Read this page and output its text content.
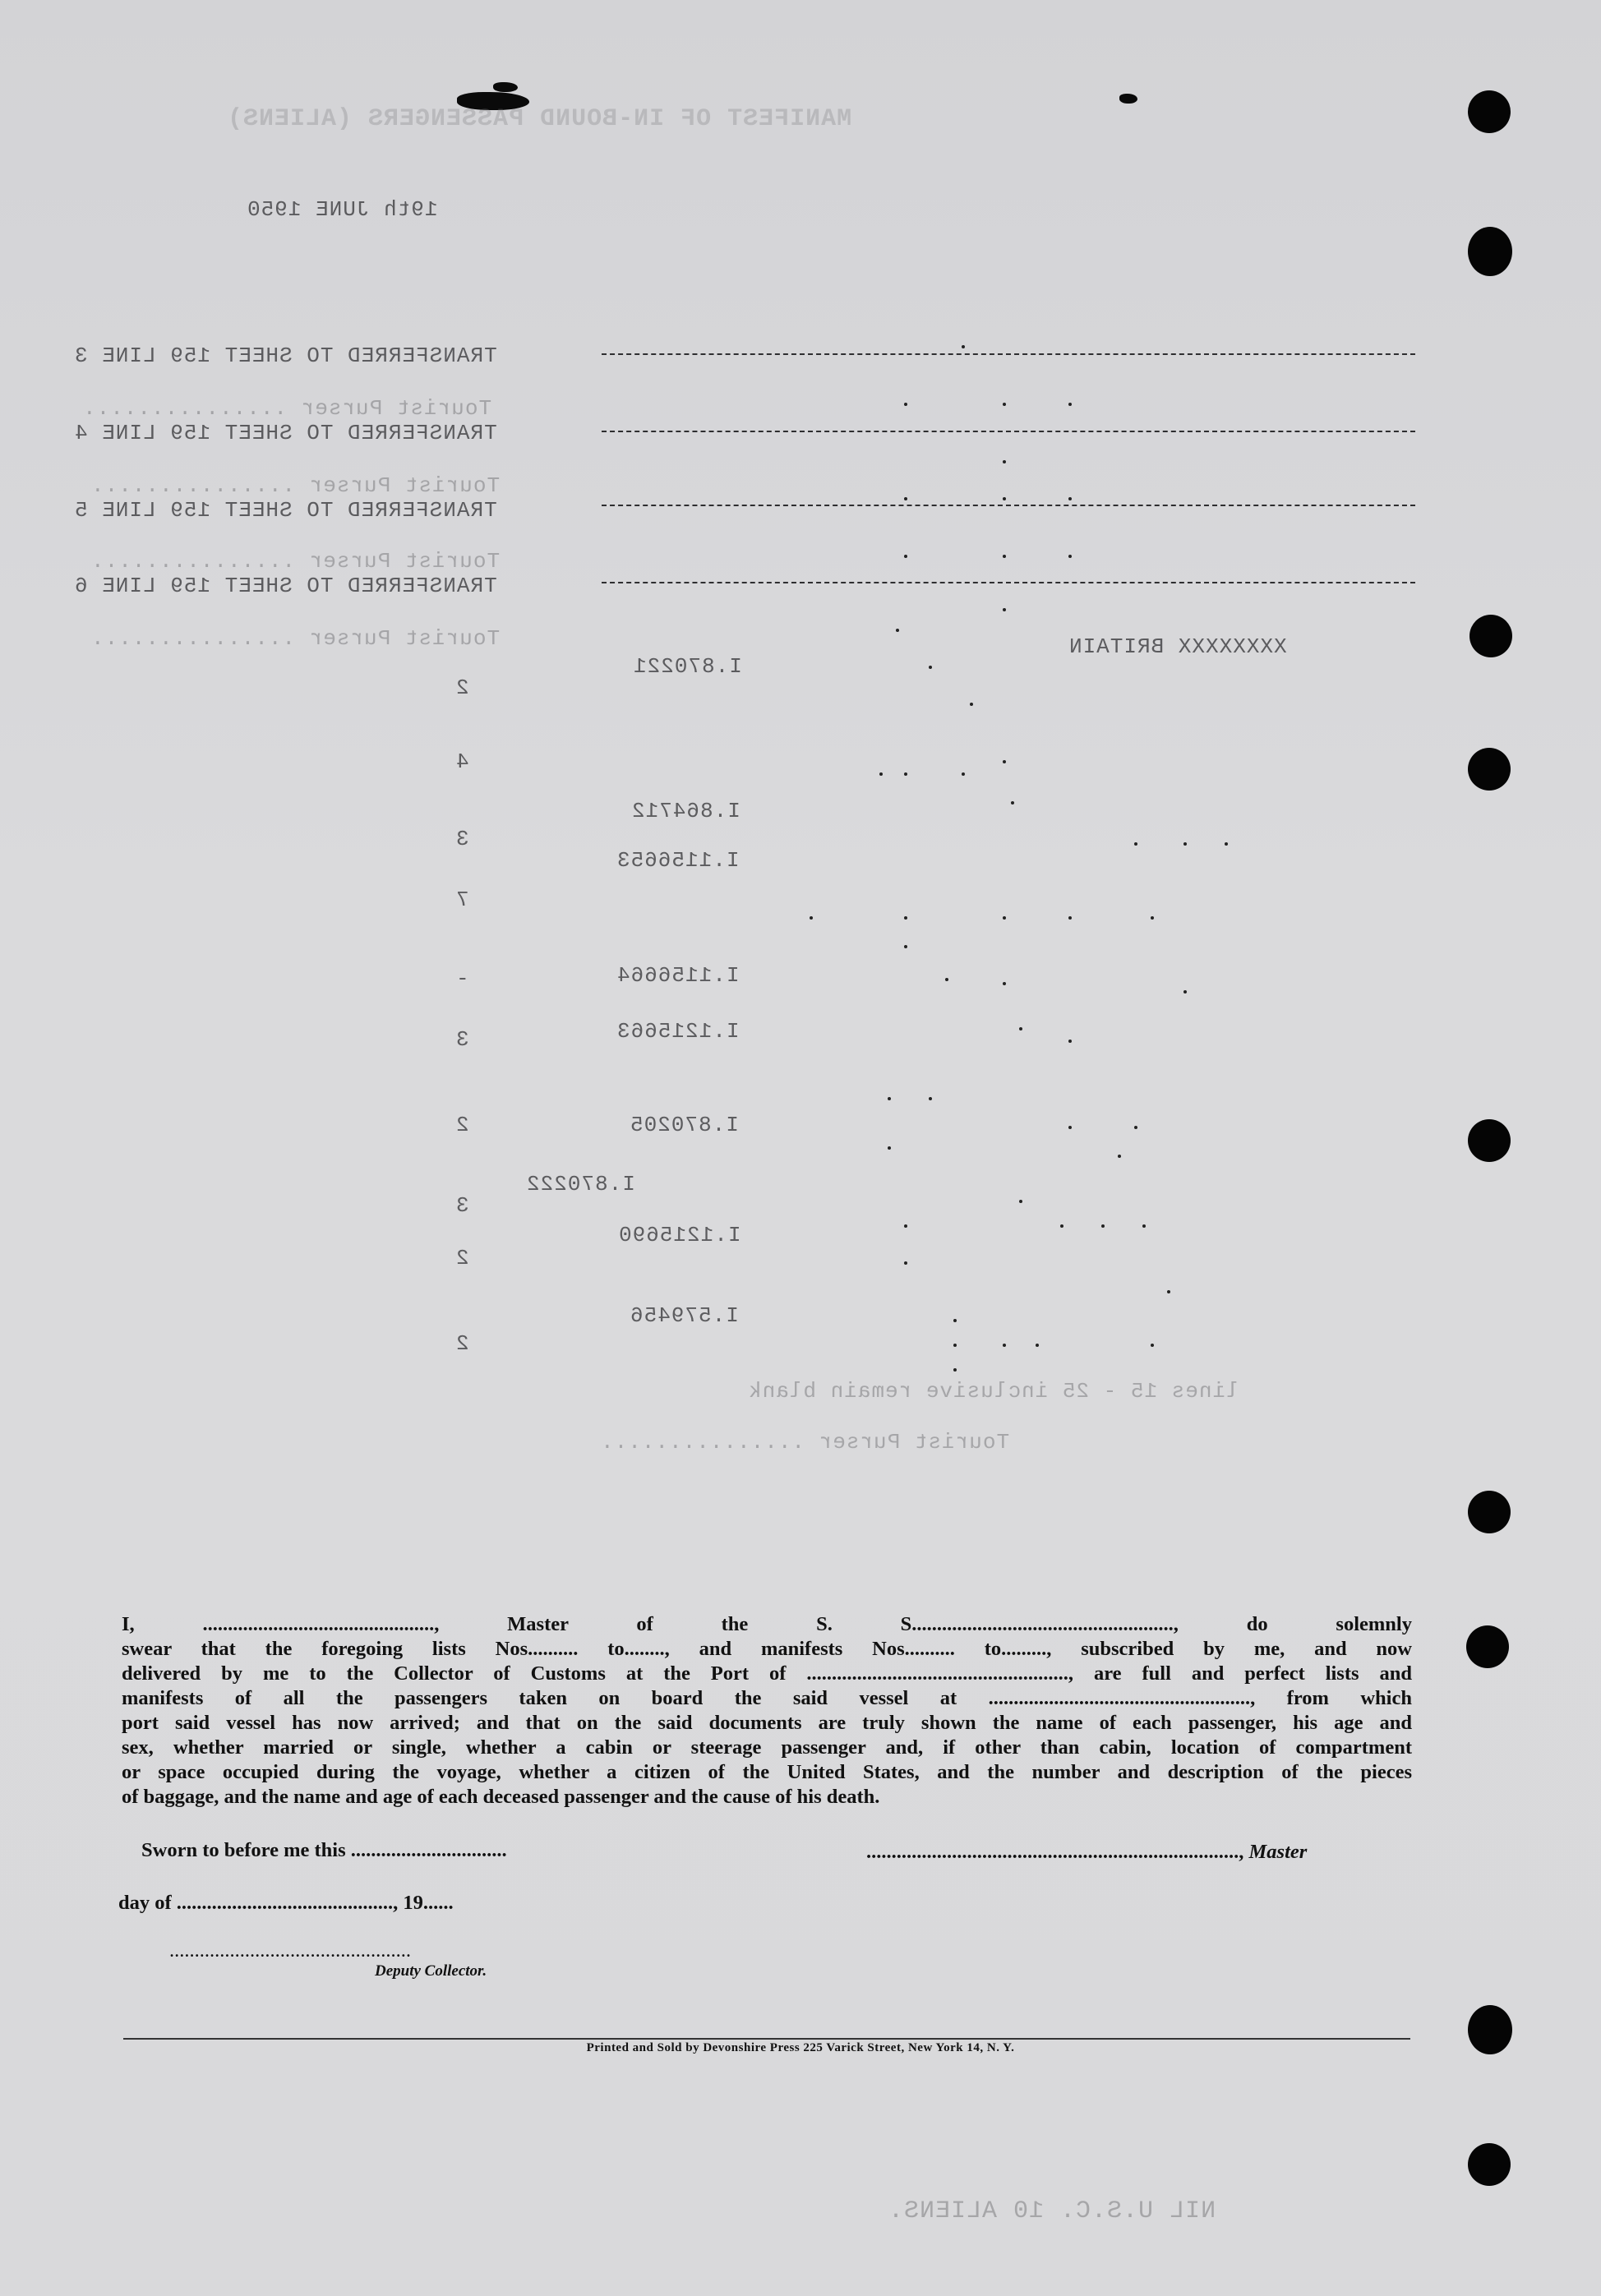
MANIFEST OF IN-BOUND PASSENGERS (ALIENS)
19th JUNE 1950
TRANSFERRED TO SHEET 159 LINE 3
Tourist Purser ...............
TRANSFERRED TO SHEET 159 LINE 4
Tourist Purser ...............
TRANSFERRED TO SHEET 159 LINE 5
Tourist Purser ...............
TRANSFERRED TO SHEET 159 LINE 6
Tourist Purser ...............	XXXXXXXX BRITAIN
I.870221
I.864712
I.1156653
I.1156664
I.1215663
I.870205
I.870222
I.1215690
I.579456
2
4
3
7
-
3
2
3
2
2
lines 15 - 25 inclusive remain blank
Tourist Purser ...............
NIL U.S.C. 10 ALIENS.
I, .............................................., Master of the S. S...................................................., do solemnly
swear that the foregoing lists Nos.......... to........, and manifests Nos.......... to........., subscribed by me, and now
delivered by me to the Collector of Customs at the Port of ...................................................., are full and perfect lists and
manifests of all the passengers taken on board the said vessel at ...................................................., from which
port said vessel has now arrived; and that on the said documents are truly shown the name of each passenger, his age and
sex, whether married or single, whether a cabin or steerage passenger and, if other than cabin, location of compartment
or space occupied during the voyage, whether a citizen of the United States, and the number and description of the pieces
of baggage, and the name and age of each deceased passenger and the cause of his death.
Sworn to before me this ...............................	.........................................................................., Master
day of ..........................................., 19......
................................................
Deputy Collector.
Printed and Sold by Devonshire Press 225 Varick Street, New York 14, N. Y.
